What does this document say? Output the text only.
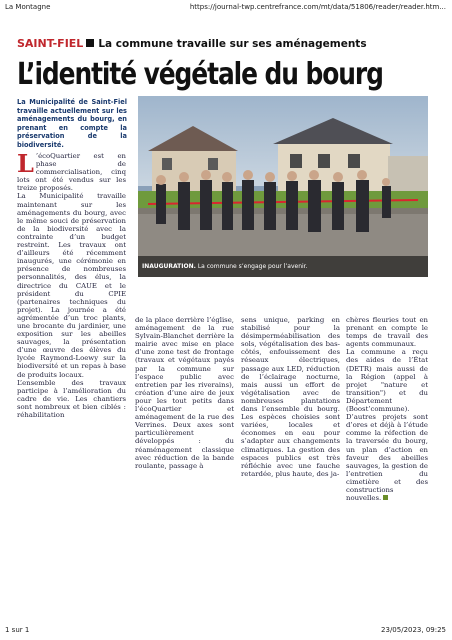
La Montagne	https://journal-twp.centrefrance.com/mt/data/51806/reader/reader.htm...
SAINT-FIEL La commune travaille sur ses aménagements
L’identité végétale du bourg
La Municipalité de Saint-Fiel travaille actuellement sur les aménagements du bourg, en prenant en compte la préservation de la biodiversité.
INAUGURATION. La commune s’engage pour l’avenir.

L ’écoQuartier est en phase de commercialisation, cinq lots ont été vendus sur les treize proposés.

La Municipalité travaille maintenant sur les aménagements du bourg, avec le même souci de préservation de la biodiversité avec la contrainte d’un budget restreint. Les travaux ont d’ailleurs été récemment inaugurés, une cérémonie en présence de nombreuses personnalités, des élus, la directrice du CAUE et le président du CPIE (partenaires techniques du projet). La journée a été agrémentée d’un troc plants, une brocante du jardinier, une exposition sur les abeilles sauvages, la présentation d’une œuvre des élèves du lycée Raymond-Loewy sur la biodiversité et un repas à base de produits locaux.

L’ensemble des travaux participe à l’amélioration du cadre de vie. Les chantiers sont nombreux et bien ciblés : réhabilitation

de la place derrière l’église, aménagement de la rue Sylvain-Blanchet derrière la mairie avec mise en place d’une zone test de frontage (travaux et végétaux payés par la commune sur l’espace public avec entretien par les riverains), création d’une aire de jeux pour les tout petits dans l’écoQuartier et aménagement de la rue des Verrines. Deux axes sont particulièrement développés : du réaménagement classique avec réduction de la bande roulante, passage à

sens unique, parking en stabilisé pour la désimperméabilisation des sols, végétalisation des bas-côtés, enfouissement des réseaux électriques, passage aux LED, réduction de l’éclairage nocturne, mais aussi un effort de végétalisation avec de nombreuses plantations dans l’ensemble du bourg. Les espèces choisies sont variées, locales et économes en eau pour s’adapter aux changements climatiques. La gestion des espaces publics est très réfléchie avec une fauche retardée, plus haute, des ja-

chères fleuries tout en prenant en compte le temps de travail des agents communaux.

La commune a reçu des aides de l’État (DETR) mais aussi de la Région (appel à projet "nature et transition") et du Département (Boost’commune).

D’autres projets sont d’ores et déjà à l’étude comme la réfection de la traversée du bourg, un plan d’action en faveur des abeilles sauvages, la gestion de l’entretien du cimetière et des constructions nouvelles.

1 sur 1	23/05/2023, 09:25
